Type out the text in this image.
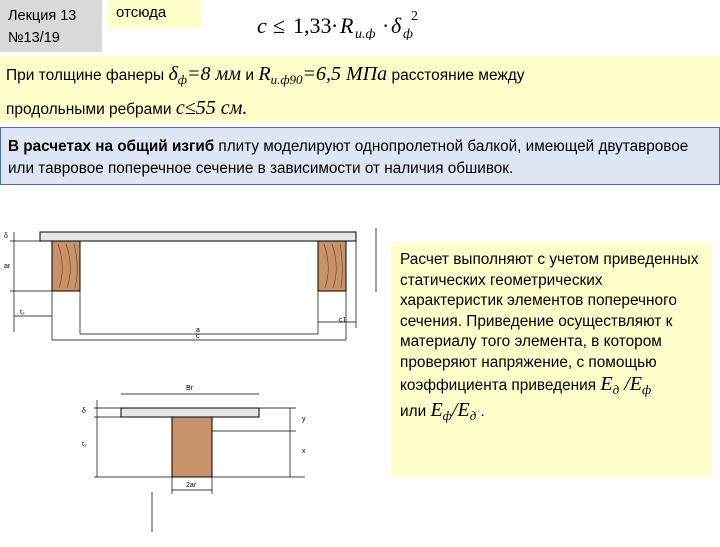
Лекция 13
№13/19
отсюда
c ≤ 1,33 · R и.ф · δ ф
2
При толщине фанеры $\delta_ф=8$ мм и $R_{и.ф90}=6,5$ МПа расстояние между
продольными ребрами c≤55 см.
В расчетах на общий изгиб плиту моделируют однопролетной балкой, имеющей двутавровое или тавровое поперечное сечение в зависимости от наличия обшивок.
δ
ar
t₂
a
c
c1
Br
δ
y
t₂
x
2ar
Расчет выполняют с учетом приведенных статических геометрических характеристик элементов поперечного сечения. Приведение осуществляют к материалу того элемента, в котором проверяют напряжение, с помощью коэффициента приведения $E_д$ $/E_ф$
или $E_ф/E_д$ .
